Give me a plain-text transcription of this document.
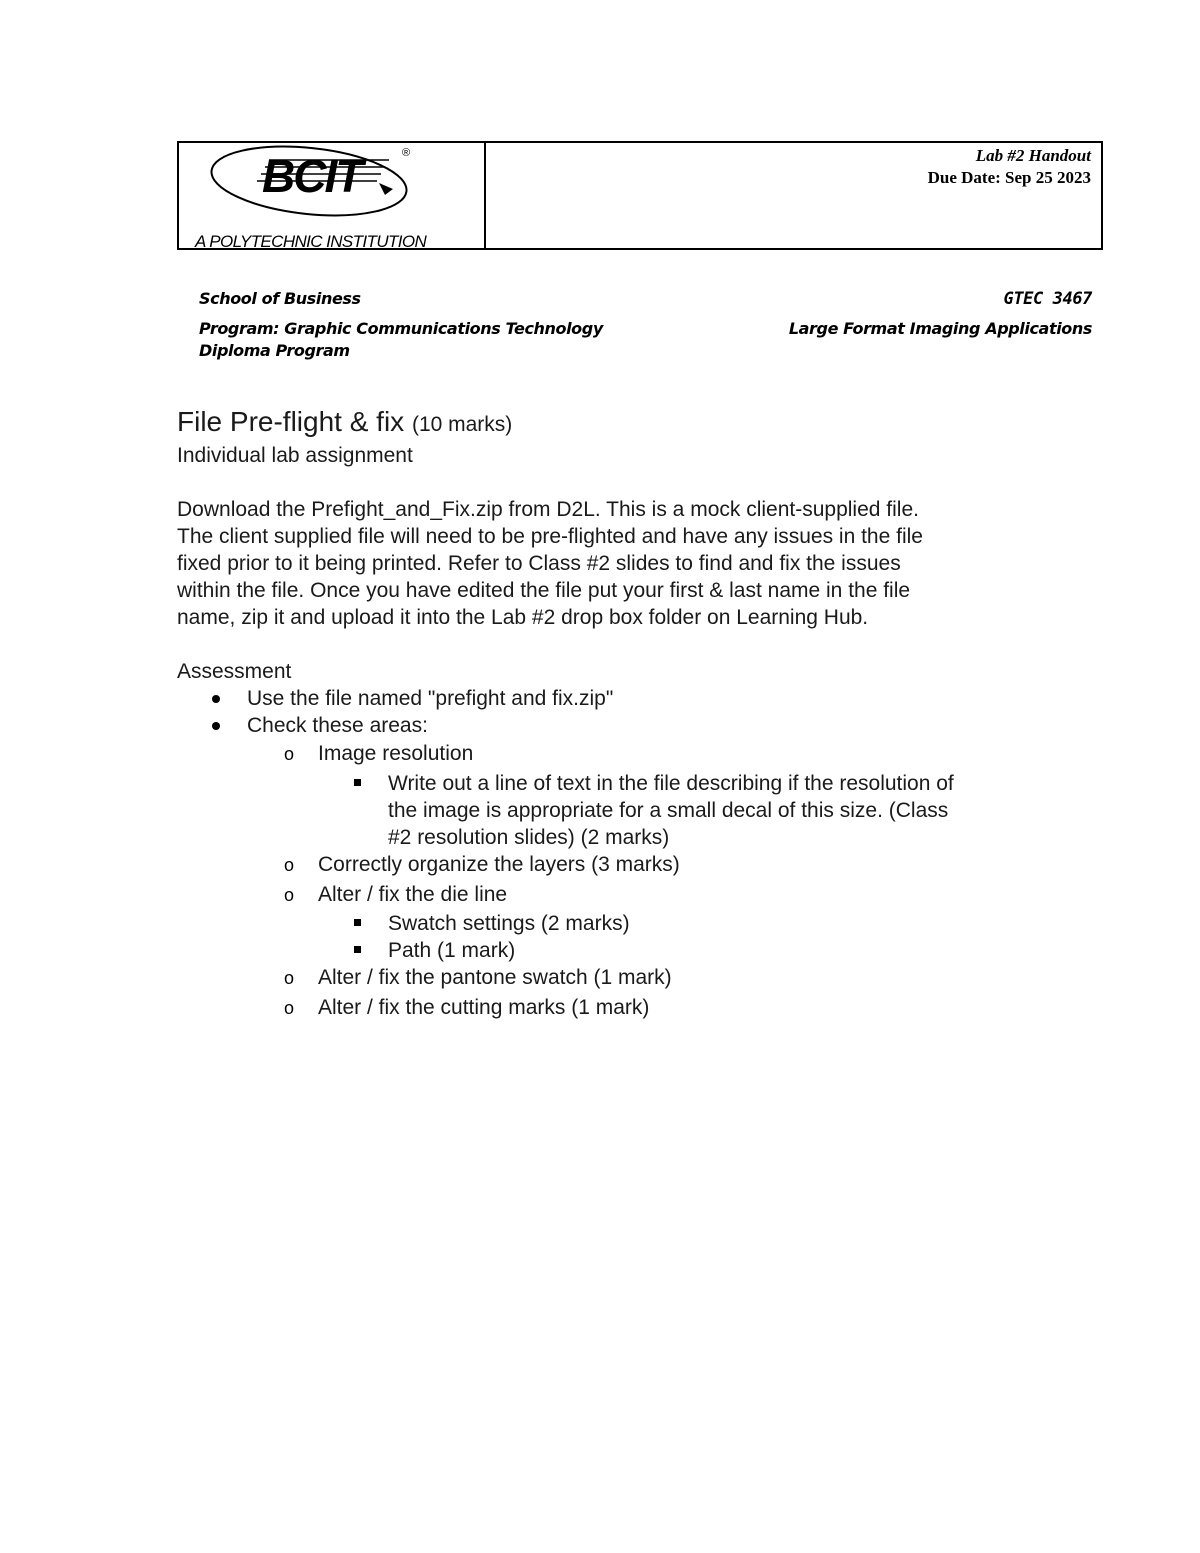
BCIT	®
A POLYTECHNIC INSTITUTION
Lab #2 Handout
Due Date: Sep 25 2023
School of Business
Program: Graphic Communications Technology
Diploma Program
GTEC 3467
Large Format Imaging Applications
File Pre-flight & fix (10 marks)
Individual lab assignment
Download the Prefight_and_Fix.zip from D2L. This is a mock client-supplied file.
The client supplied file will need to be pre-flighted and have any issues in the file
fixed prior to it being printed. Refer to Class #2 slides to find and fix the issues
within the file. Once you have edited the file put your first & last name in the file
name, zip it and upload it into the Lab #2 drop box folder on Learning Hub.
Assessment
Use the file named "prefight and fix.zip"
Check these areas:
o Image resolution
Write out a line of text in the file describing if the resolution of
the image is appropriate for a small decal of this size. (Class
#2 resolution slides) (2 marks)
o Correctly organize the layers (3 marks)
o Alter / fix the die line
Swatch settings (2 marks)
Path (1 mark)
o Alter / fix the pantone swatch (1 mark)
o Alter / fix the cutting marks (1 mark)
